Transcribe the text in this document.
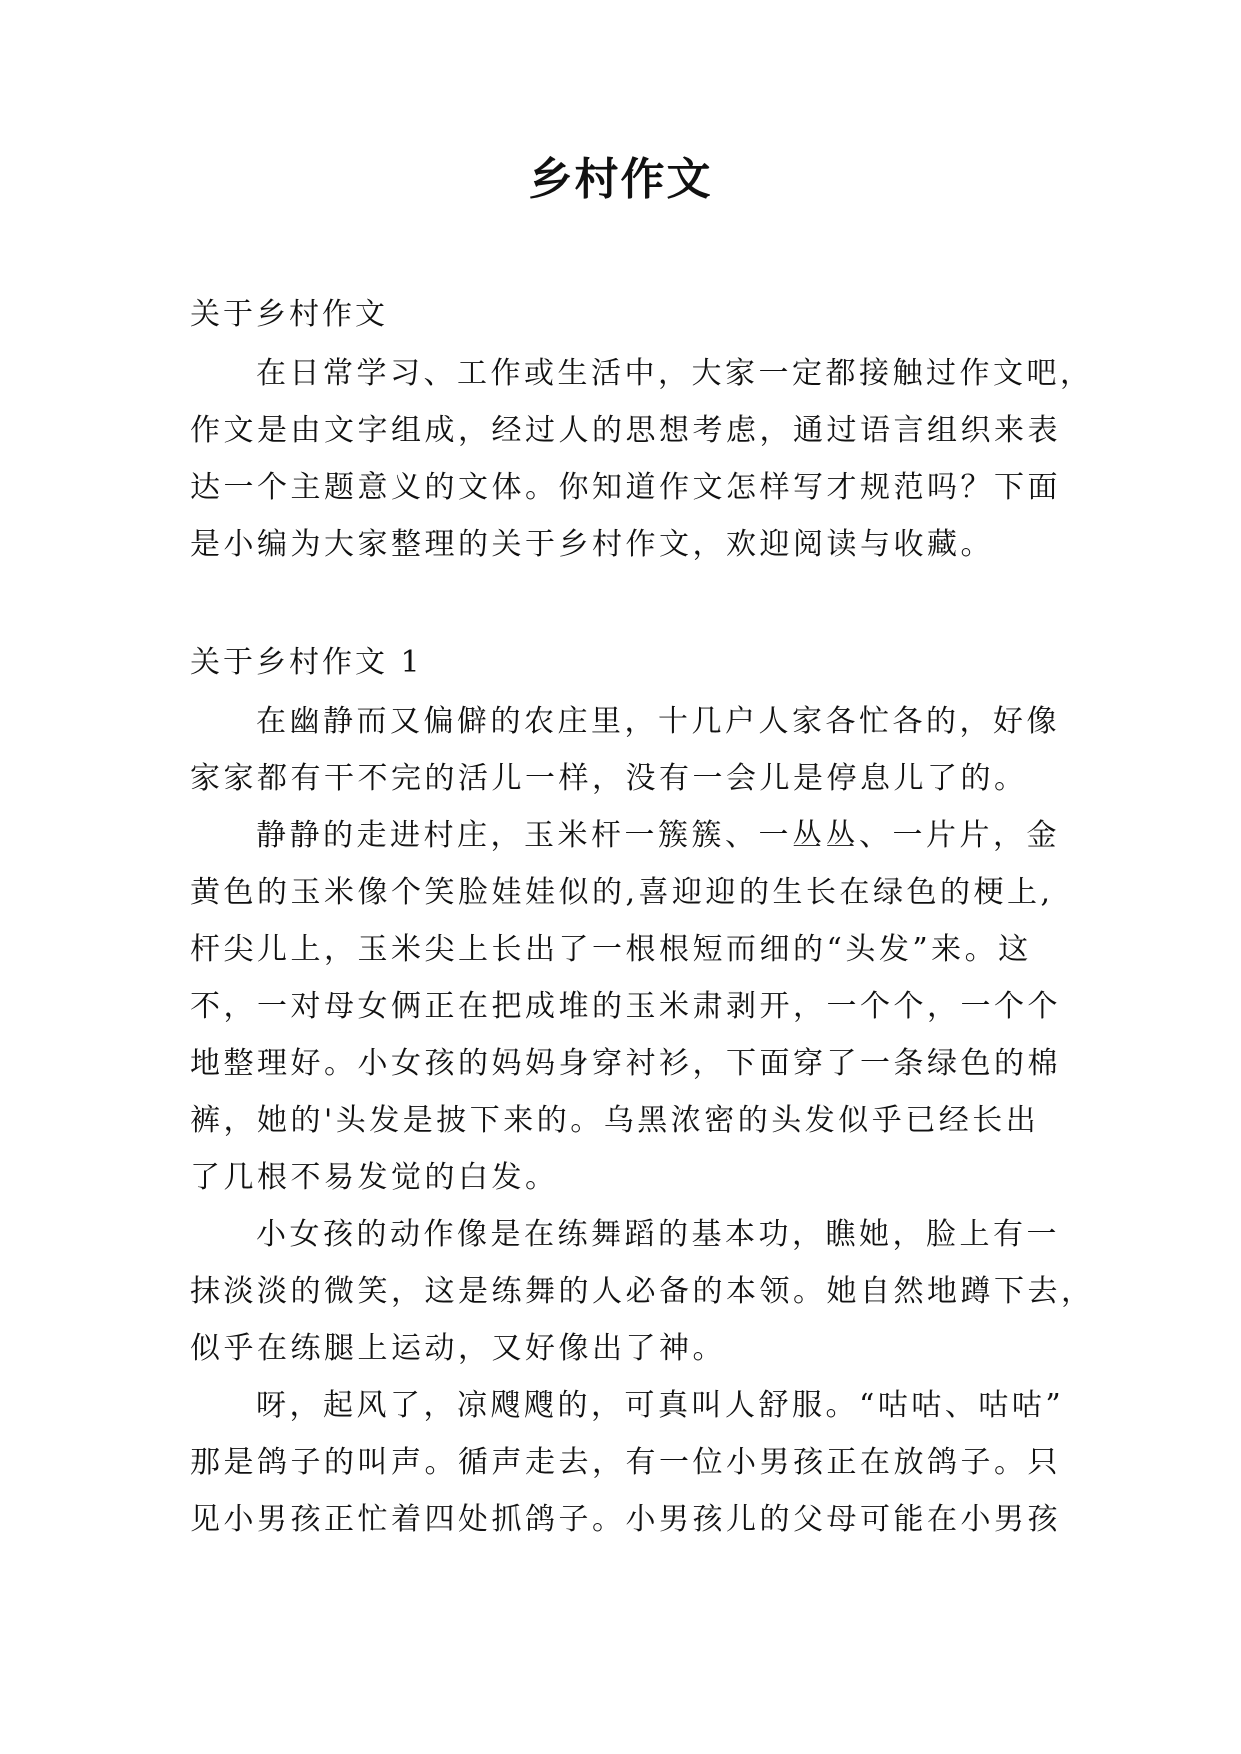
乡村作文
关于乡村作文

在日常学习、工作或生活中，大家一定都接触过作文吧，
作文是由文字组成，经过人的思想考虑，通过语言组织来表
达一个主题意义的文体。你知道作文怎样写才规范吗？下面
是小编为大家整理的关于乡村作文，欢迎阅读与收藏。

关于乡村作文 1

在幽静而又偏僻的农庄里，十几户人家各忙各的，好像
家家都有干不完的活儿一样，没有一会儿是停息儿了的。

静静的走进村庄，玉米杆一簇簇、一丛丛、一片片，金
黄色的玉米像个笑脸娃娃似的,喜迎迎的生长在绿色的梗上,
杆尖儿上，玉米尖上长出了一根根短而细的“头发”来。这
不，一对母女俩正在把成堆的玉米肃剥开，一个个，一个个
地整理好。小女孩的妈妈身穿衬衫，下面穿了一条绿色的棉
裤，她的'头发是披下来的。乌黑浓密的头发似乎已经长出
了几根不易发觉的白发。

小女孩的动作像是在练舞蹈的基本功，瞧她，脸上有一
抹淡淡的微笑，这是练舞的人必备的本领。她自然地蹲下去，
似乎在练腿上运动，又好像出了神。

呀，起风了，凉飕飕的，可真叫人舒服。“咕咕、咕咕”
那是鸽子的叫声。循声走去，有一位小男孩正在放鸽子。只
见小男孩正忙着四处抓鸽子。小男孩儿的父母可能在小男孩
